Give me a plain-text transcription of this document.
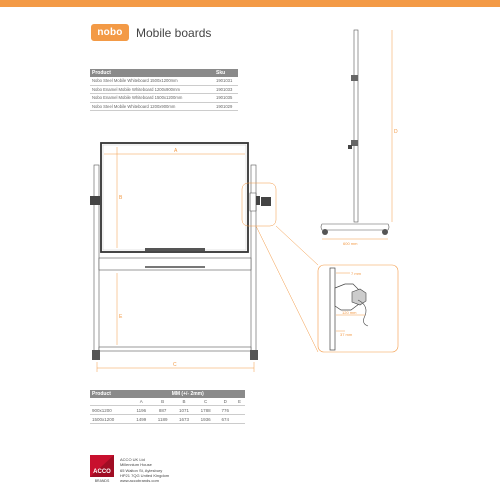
nobo	Mobile boards
Product	Sku
Nobo Steel Mobile Whiteboard 1500x1200mm	1901031
Nobo Enamel Mobile Whiteboard 1200x900mm	1901033
Nobo Enamel Mobile Whiteboard 1500x1200mm	1901035
Nobo Steel Mobile Whiteboard 1200x900mm	1901029
A
B
E
C
D
600 mm
7 mm
120 mm
37 mm
Product	MM (+/- 2mm)					
	A	B	B	C	D	E
900x1200	1196	887	1071	1788	776	
1500x1200	1499	1189	1673	1936	674	
ACCO
BRANDS
ACCO UK Ltd
Millennium House
65 Walton St, Aylesbury
HP21 7QG United Kingdom
www.accobrands.com
